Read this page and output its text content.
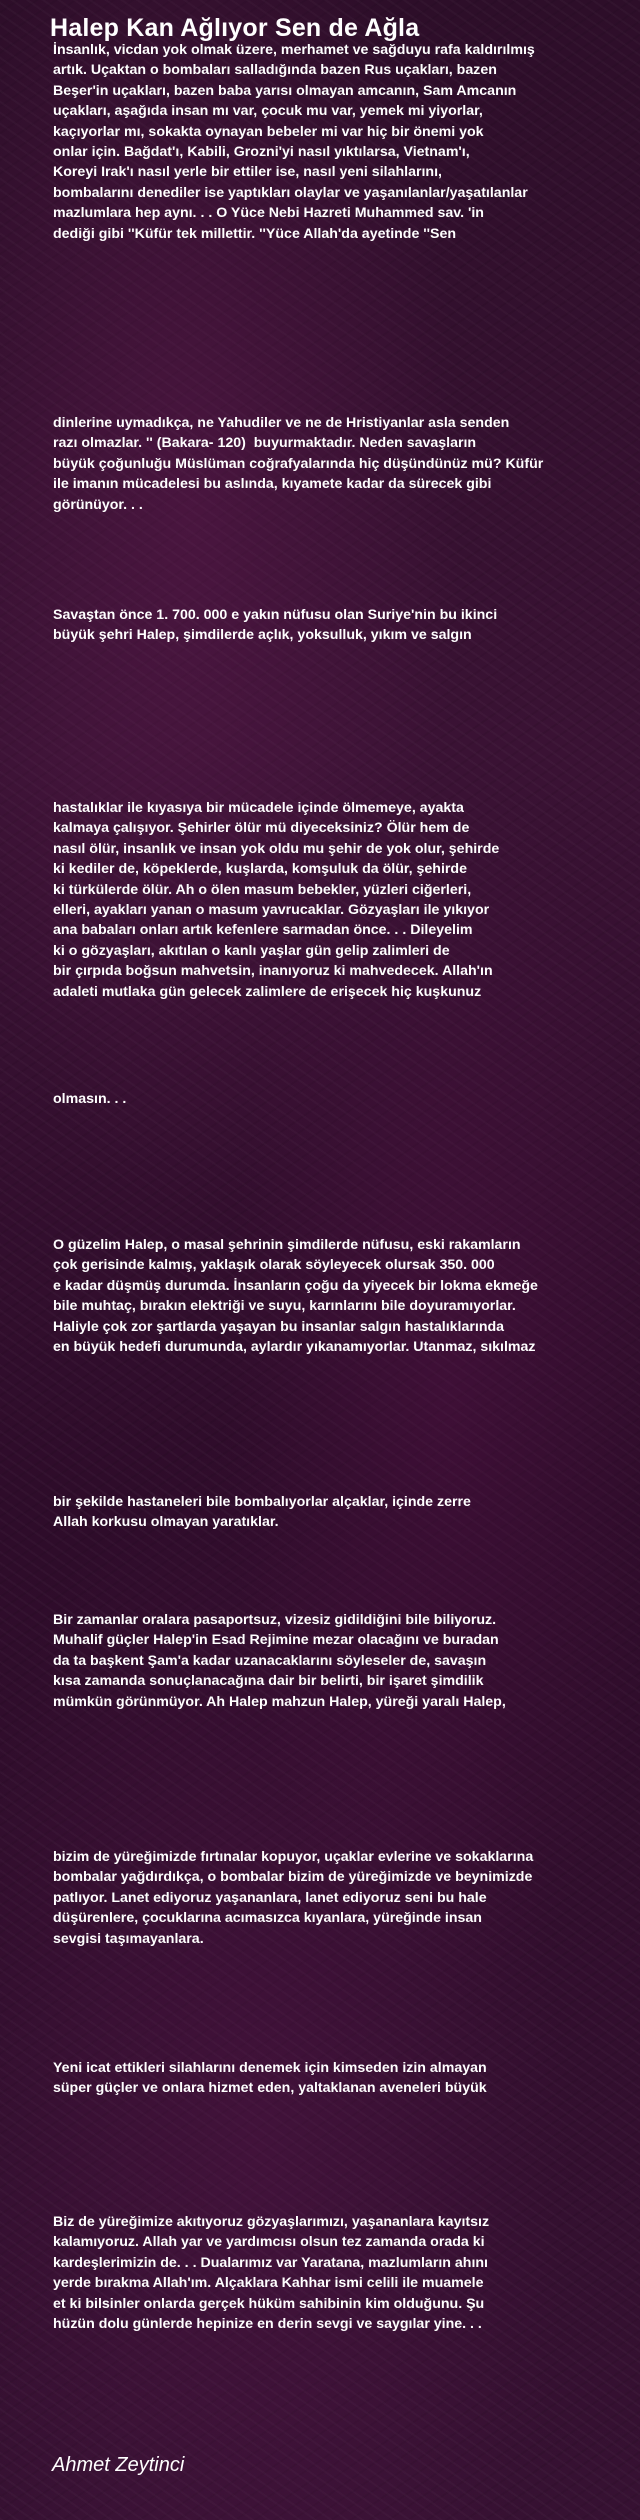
Halep Kan Ağlıyor Sen de Ağla

İnsanlık, vicdan yok olmak üzere, merhamet ve sağduyu rafa kaldırılmış
artık. Uçaktan o bombaları salladığında bazen Rus uçakları, bazen
Beşer'in uçakları, bazen baba yarısı olmayan amcanın, Sam Amcanın
uçakları, aşağıda insan mı var, çocuk mu var, yemek mi yiyorlar,
kaçıyorlar mı, sokakta oynayan bebeler mi var hiç bir önemi yok
onlar için. Bağdat'ı, Kabili, Grozni'yi nasıl yıktılarsa, Vietnam'ı,
Koreyi Irak'ı nasıl yerle bir ettiler ise, nasıl yeni silahlarını,
bombalarını denediler ise yaptıkları olaylar ve yaşanılanlar/yaşatılanlar
mazlumlara hep aynı. . . O Yüce Nebi Hazreti Muhammed sav. 'in
dediği gibi ''Küfür tek millettir. ''Yüce Allah'da ayetinde ''Sen

dinlerine uymadıkça, ne Yahudiler ve ne de Hristiyanlar asla senden
razı olmazlar. '' (Bakara- 120)  buyurmaktadır. Neden savaşların
büyük çoğunluğu Müslüman coğrafyalarında hiç düşündünüz mü? Küfür
ile imanın mücadelesi bu aslında, kıyamete kadar da sürecek gibi
görünüyor. . .

Savaştan önce 1. 700. 000 e yakın nüfusu olan Suriye'nin bu ikinci
büyük şehri Halep, şimdilerde açlık, yoksulluk, yıkım ve salgın

hastalıklar ile kıyasıya bir mücadele içinde ölmemeye, ayakta
kalmaya çalışıyor. Şehirler ölür mü diyeceksiniz? Ölür hem de
nasıl ölür, insanlık ve insan yok oldu mu şehir de yok olur, şehirde
ki kediler de, köpeklerde, kuşlarda, komşuluk da ölür, şehirde
ki türkülerde ölür. Ah o ölen masum bebekler, yüzleri ciğerleri,
elleri, ayakları yanan o masum yavrucaklar. Gözyaşları ile yıkıyor
ana babaları onları artık kefenlere sarmadan önce. . . Dileyelim
ki o gözyaşları, akıtılan o kanlı yaşlar gün gelip zalimleri de
bir çırpıda boğsun mahvetsin, inanıyoruz ki mahvedecek. Allah'ın
adaleti mutlaka gün gelecek zalimlere de erişecek hiç kuşkunuz

olmasın. . .

O güzelim Halep, o masal şehrinin şimdilerde nüfusu, eski rakamların
çok gerisinde kalmış, yaklaşık olarak söyleyecek olursak 350. 000
e kadar düşmüş durumda. İnsanların çoğu da yiyecek bir lokma ekmeğe
bile muhtaç, bırakın elektriği ve suyu, karınlarını bile doyuramıyorlar.
Haliyle çok zor şartlarda yaşayan bu insanlar salgın hastalıklarında
en büyük hedefi durumunda, aylardır yıkanamıyorlar. Utanmaz, sıkılmaz

bir şekilde hastaneleri bile bombalıyorlar alçaklar, içinde zerre
Allah korkusu olmayan yaratıklar.

Bir zamanlar oralara pasaportsuz, vizesiz gidildiğini bile biliyoruz.
Muhalif güçler Halep'in Esad Rejimine mezar olacağını ve buradan
da ta başkent Şam'a kadar uzanacaklarını söyleseler de, savaşın
kısa zamanda sonuçlanacağına dair bir belirti, bir işaret şimdilik
mümkün görünmüyor. Ah Halep mahzun Halep, yüreği yaralı Halep,

bizim de yüreğimizde fırtınalar kopuyor, uçaklar evlerine ve sokaklarına
bombalar yağdırdıkça, o bombalar bizim de yüreğimizde ve beynimizde
patlıyor. Lanet ediyoruz yaşananlara, lanet ediyoruz seni bu hale
düşürenlere, çocuklarına acımasızca kıyanlara, yüreğinde insan
sevgisi taşımayanlara.

Yeni icat ettikleri silahlarını denemek için kimseden izin almayan
süper güçler ve onlara hizmet eden, yaltaklanan aveneleri büyük

Biz de yüreğimize akıtıyoruz gözyaşlarımızı, yaşananlara kayıtsız
kalamıyoruz. Allah yar ve yardımcısı olsun tez zamanda orada ki
kardeşlerimizin de. . . Dualarımız var Yaratana, mazlumların ahını
yerde bırakma Allah'ım. Alçaklara Kahhar ismi celili ile muamele
et ki bilsinler onlarda gerçek hüküm sahibinin kim olduğunu. Şu
hüzün dolu günlerde hepinize en derin sevgi ve saygılar yine. . .

Ahmet Zeytinci
